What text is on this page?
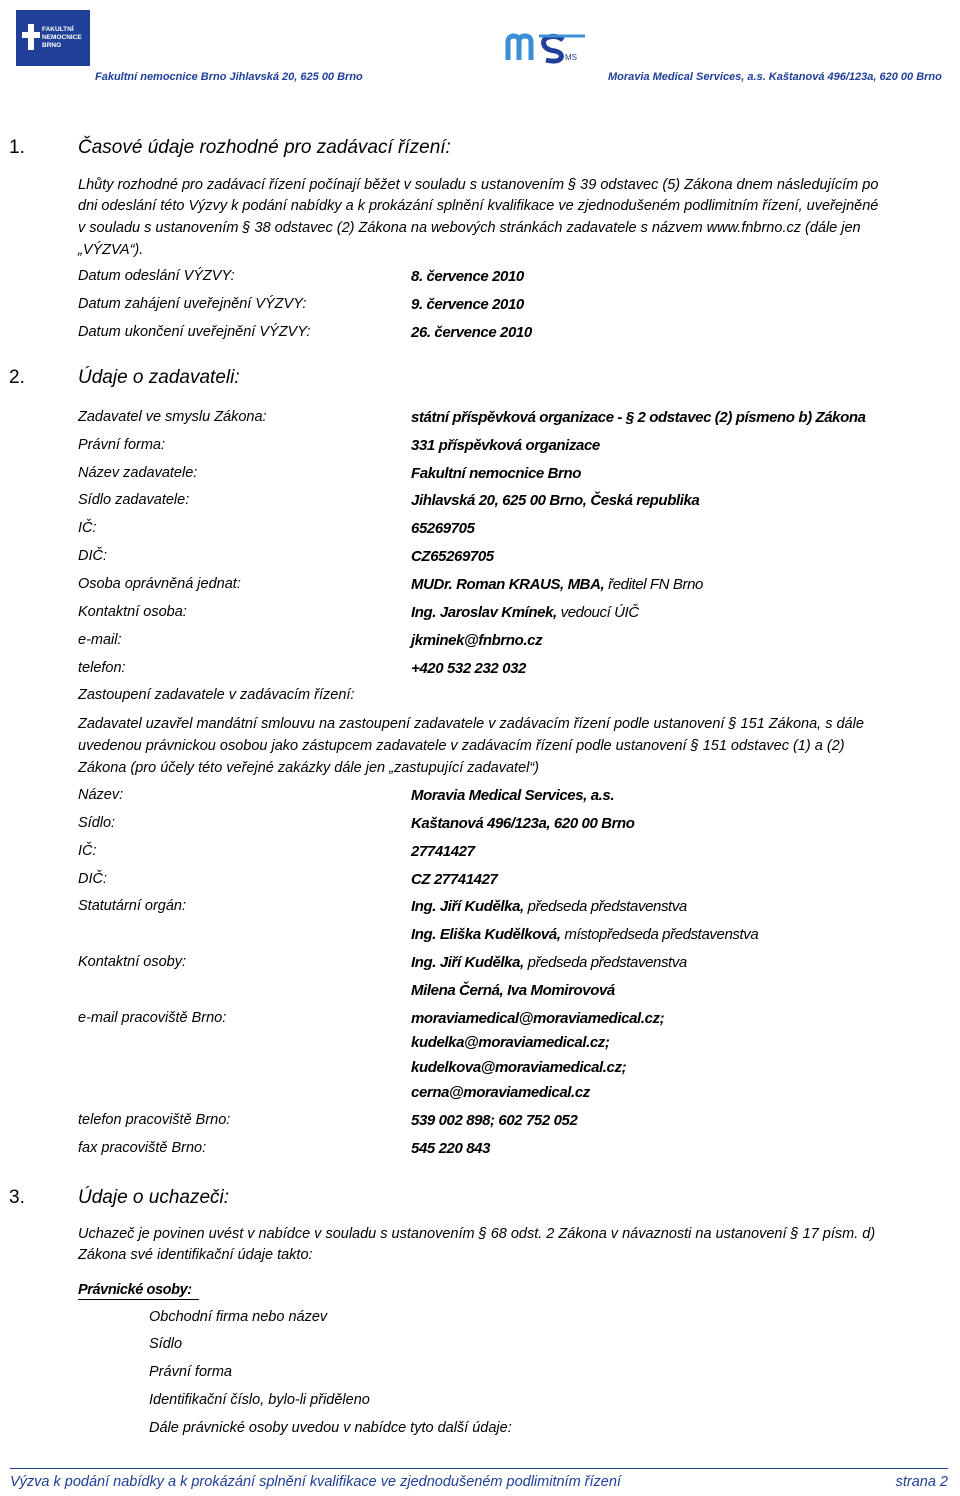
FAKULTNÍ
NEMOCNICE
BRNO
Fakultní nemocnice Brno Jihlavská 20, 625 00 Brno
MS
Moravia Medical Services, a.s. Kaštanová 496/123a, 620 00 Brno
1.	Časové údaje rozhodné pro zadávací řízení:
Lhůty rozhodné pro zadávací řízení počínají běžet v souladu s ustanovením § 39 odstavec (5) Zákona dnem následujícím po
dni odeslání této Výzvy k podání nabídky a k prokázání splnění kvalifikace ve zjednodušeném podlimitním řízení, uveřejněné
v souladu s ustanovením § 38 odstavec (2) Zákona na webových stránkách zadavatele s názvem www.fnbrno.cz (dále jen
„VÝZVA“).
Datum odeslání VÝZVY:	8. července 2010
Datum zahájení uveřejnění VÝZVY:	9. července 2010
Datum ukončení uveřejnění VÝZVY:	26. července 2010
2.	Údaje o zadavateli:
Zadavatel ve smyslu Zákona:	státní příspěvková organizace - § 2 odstavec (2) písmeno b) Zákona
Právní forma:	331 příspěvková organizace
Název zadavatele:	Fakultní nemocnice Brno
Sídlo zadavatele:	Jihlavská 20, 625 00 Brno, Česká republika
IČ:	65269705
DIČ:	CZ65269705
Osoba oprávněná jednat:	MUDr. Roman KRAUS, MBA, ředitel FN Brno
Kontaktní osoba:	Ing. Jaroslav Kmínek, vedoucí ÚIČ
e-mail:	jkminek@fnbrno.cz
telefon:	+420 532 232 032
Zastoupení zadavatele v zadávacím řízení:
Zadavatel uzavřel mandátní smlouvu na zastoupení zadavatele v zadávacím řízení podle ustanovení § 151 Zákona, s dále
uvedenou právnickou osobou jako zástupcem zadavatele v zadávacím řízení podle ustanovení § 151 odstavec (1) a (2)
Zákona (pro účely této veřejné zakázky dále jen „zastupující zadavatel“)
Název:	Moravia Medical Services, a.s.
Sídlo:	Kaštanová 496/123a, 620 00 Brno
IČ:	27741427
DIČ:	CZ 27741427
Statutární orgán:	Ing. Jiří Kudělka, předseda představenstva
Ing. Eliška Kudělková, místopředseda představenstva
Kontaktní osoby:	Ing. Jiří Kudělka, předseda představenstva
Milena Černá, Iva Momirovová
e-mail pracoviště Brno:	moraviamedical@moraviamedical.cz;
kudelka@moraviamedical.cz;
kudelkova@moraviamedical.cz;
cerna@moraviamedical.cz
telefon pracoviště Brno:	539 002 898; 602 752 052
fax pracoviště Brno:	545 220 843
3.	Údaje o uchazeči:
Uchazeč je povinen uvést v nabídce v souladu s ustanovením § 68 odst. 2 Zákona v návaznosti na ustanovení § 17 písm. d)
Zákona své identifikační údaje takto:
Právnické osoby:
Obchodní firma nebo název
Sídlo
Právní forma
Identifikační číslo, bylo-li přiděleno
Dále právnické osoby uvedou v nabídce tyto další údaje:
Výzva k podání nabídky a k prokázání splnění kvalifikace ve zjednodušeném podlimitním řízení	strana 2
